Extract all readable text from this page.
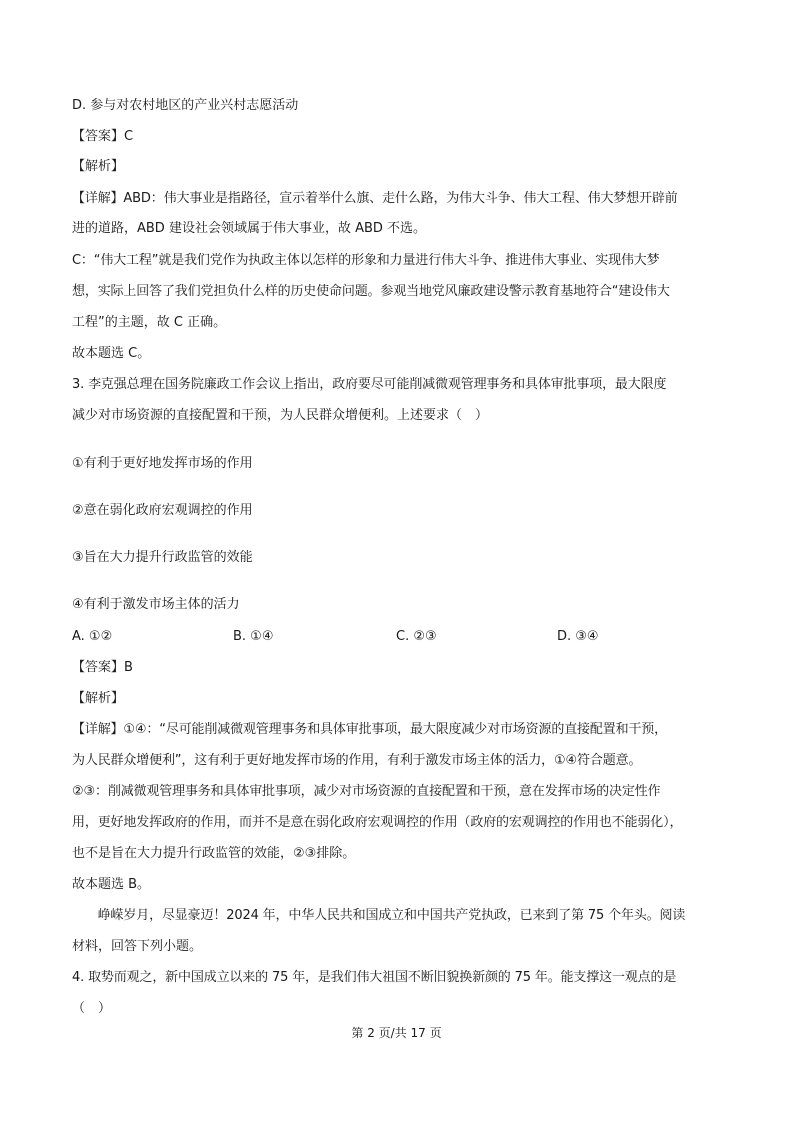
D. 参与对农村地区的产业兴村志愿活动
【答案】C
【解析】
【详解】ABD：伟大事业是指路径，宣示着举什么旗、走什么路，为伟大斗争、伟大工程、伟大梦想开辟前
进的道路，ABD 建设社会领域属于伟大事业，故 ABD 不选。
C：“伟大工程”就是我们党作为执政主体以怎样的形象和力量进行伟大斗争、推进伟大事业、实现伟大梦
想，实际上回答了我们党担负什么样的历史使命问题。参观当地党风廉政建设警示教育基地符合“建设伟大
工程”的主题，故 C 正确。
故本题选 C。
3. 李克强总理在国务院廉政工作会议上指出，政府要尽可能削减微观管理事务和具体审批事项，最大限度
减少对市场资源的直接配置和干预，为人民群众增便利。上述要求（　）
①有利于更好地发挥市场的作用
②意在弱化政府宏观调控的作用
③旨在大力提升行政监管的效能
④有利于激发市场主体的活力
A. ①②	B. ①④	C. ②③	D. ③④
【答案】B
【解析】
【详解】①④：“尽可能削减微观管理事务和具体审批事项，最大限度减少对市场资源的直接配置和干预，
为人民群众增便利”，这有利于更好地发挥市场的作用，有利于激发市场主体的活力，①④符合题意。
②③：削减微观管理事务和具体审批事项，减少对市场资源的直接配置和干预，意在发挥市场的决定性作
用，更好地发挥政府的作用，而并不是意在弱化政府宏观调控的作用（政府的宏观调控的作用也不能弱化），
也不是旨在大力提升行政监管的效能，②③排除。
故本题选 B。
　　峥嵘岁月，尽显豪迈！2024 年，中华人民共和国成立和中国共产党执政，已来到了第 75 个年头。阅读
材料，回答下列小题。
4. 取势而观之，新中国成立以来的 75 年，是我们伟大祖国不断旧貌换新颜的 75 年。能支撑这一观点的是
（　）
第 2 页/共 17 页
